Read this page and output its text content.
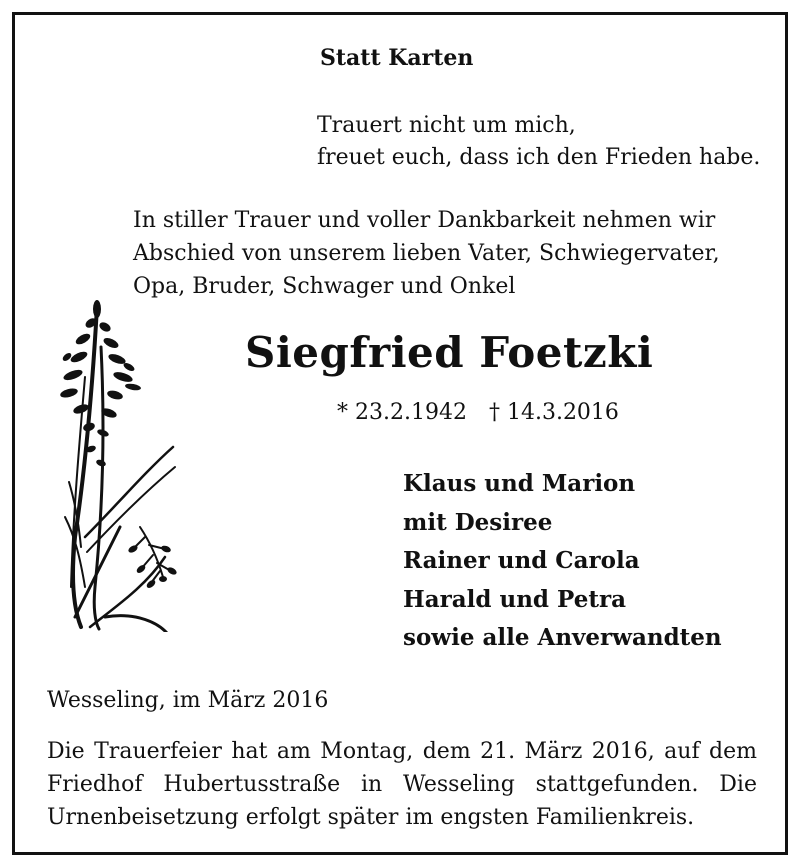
Statt Karten
Trauert nicht um mich,
freuet euch, dass ich den Frieden habe.
In stiller Trauer und voller Dankbarkeit nehmen wir
Abschied von unserem lieben Vater, Schwiegervater,
Opa, Bruder, Schwager und Onkel
Siegfried Foetzki
* 23.2.1942 † 14.3.2016
Klaus und Marion
mit Desiree
Rainer und Carola
Harald und Petra
sowie alle Anverwandten
Wesseling, im März 2016
Die Trauerfeier hat am Montag, dem 21. März 2016, auf dem
Friedhof Hubertusstraße in Wesseling stattgefunden. Die
Urnenbeisetzung erfolgt später im engsten Familienkreis.
